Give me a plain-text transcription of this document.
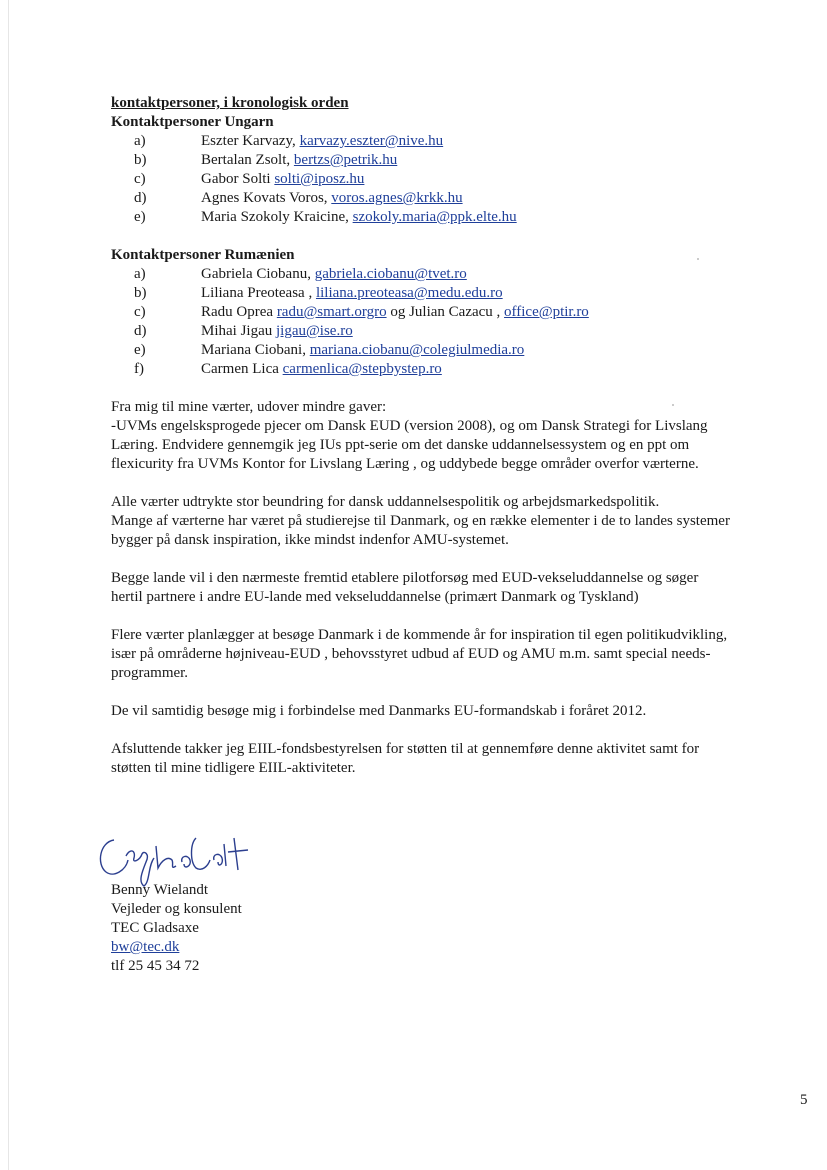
kontaktpersoner, i kronologisk orden
Kontaktpersoner Ungarn
a)	Eszter Karvazy, karvazy.eszter@nive.hu
b)	Bertalan Zsolt, bertzs@petrik.hu
c)	Gabor Solti solti@iposz.hu
d)	Agnes Kovats Voros, voros.agnes@krkk.hu
e)	Maria Szokoly Kraicine, szokoly.maria@ppk.elte.hu
Kontaktpersoner Rumænien
a)	Gabriela Ciobanu, gabriela.ciobanu@tvet.ro
b)	Liliana Preoteasa , liliana.preoteasa@medu.edu.ro
c)	Radu Oprea radu@smart.orgro og Julian Cazacu , office@ptir.ro
d)	Mihai Jigau jigau@ise.ro
e)	Mariana Ciobani, mariana.ciobanu@colegiulmedia.ro
f)	Carmen Lica carmenlica@stepbystep.ro
Fra mig til mine værter, udover mindre gaver:
-UVMs engelsksprogede pjecer om Dansk EUD (version 2008), og om Dansk Strategi for Livslang
Læring. Endvidere gennemgik jeg IUs ppt-serie om det danske uddannelsessystem og en ppt om
flexicurity fra UVMs Kontor for Livslang Læring , og uddybede begge områder overfor værterne.
Alle værter udtrykte stor beundring for dansk uddannelsespolitik og arbejdsmarkedspolitik.
Mange af værterne har været på studierejse til Danmark, og en række elementer i de to landes systemer
bygger på dansk inspiration, ikke mindst indenfor AMU-systemet.
Begge lande vil i den nærmeste fremtid etablere pilotforsøg med EUD-vekseluddannelse og søger
hertil partnere i andre EU-lande med vekseluddannelse (primært Danmark og Tyskland)
Flere værter planlægger at besøge Danmark i de kommende år for inspiration til egen politikudvikling,
især på områderne højniveau-EUD , behovsstyret udbud af EUD og AMU m.m. samt special needs-
programmer.
De vil samtidig besøge mig i forbindelse med Danmarks EU-formandskab i foråret 2012.
Afsluttende takker jeg EIIL-fondsbestyrelsen for støtten til at gennemføre denne aktivitet samt for
støtten til mine tidligere EIIL-aktiviteter.
Benny Wielandt
Vejleder og konsulent
TEC Gladsaxe
bw@tec.dk
tlf 25 45 34 72
5
